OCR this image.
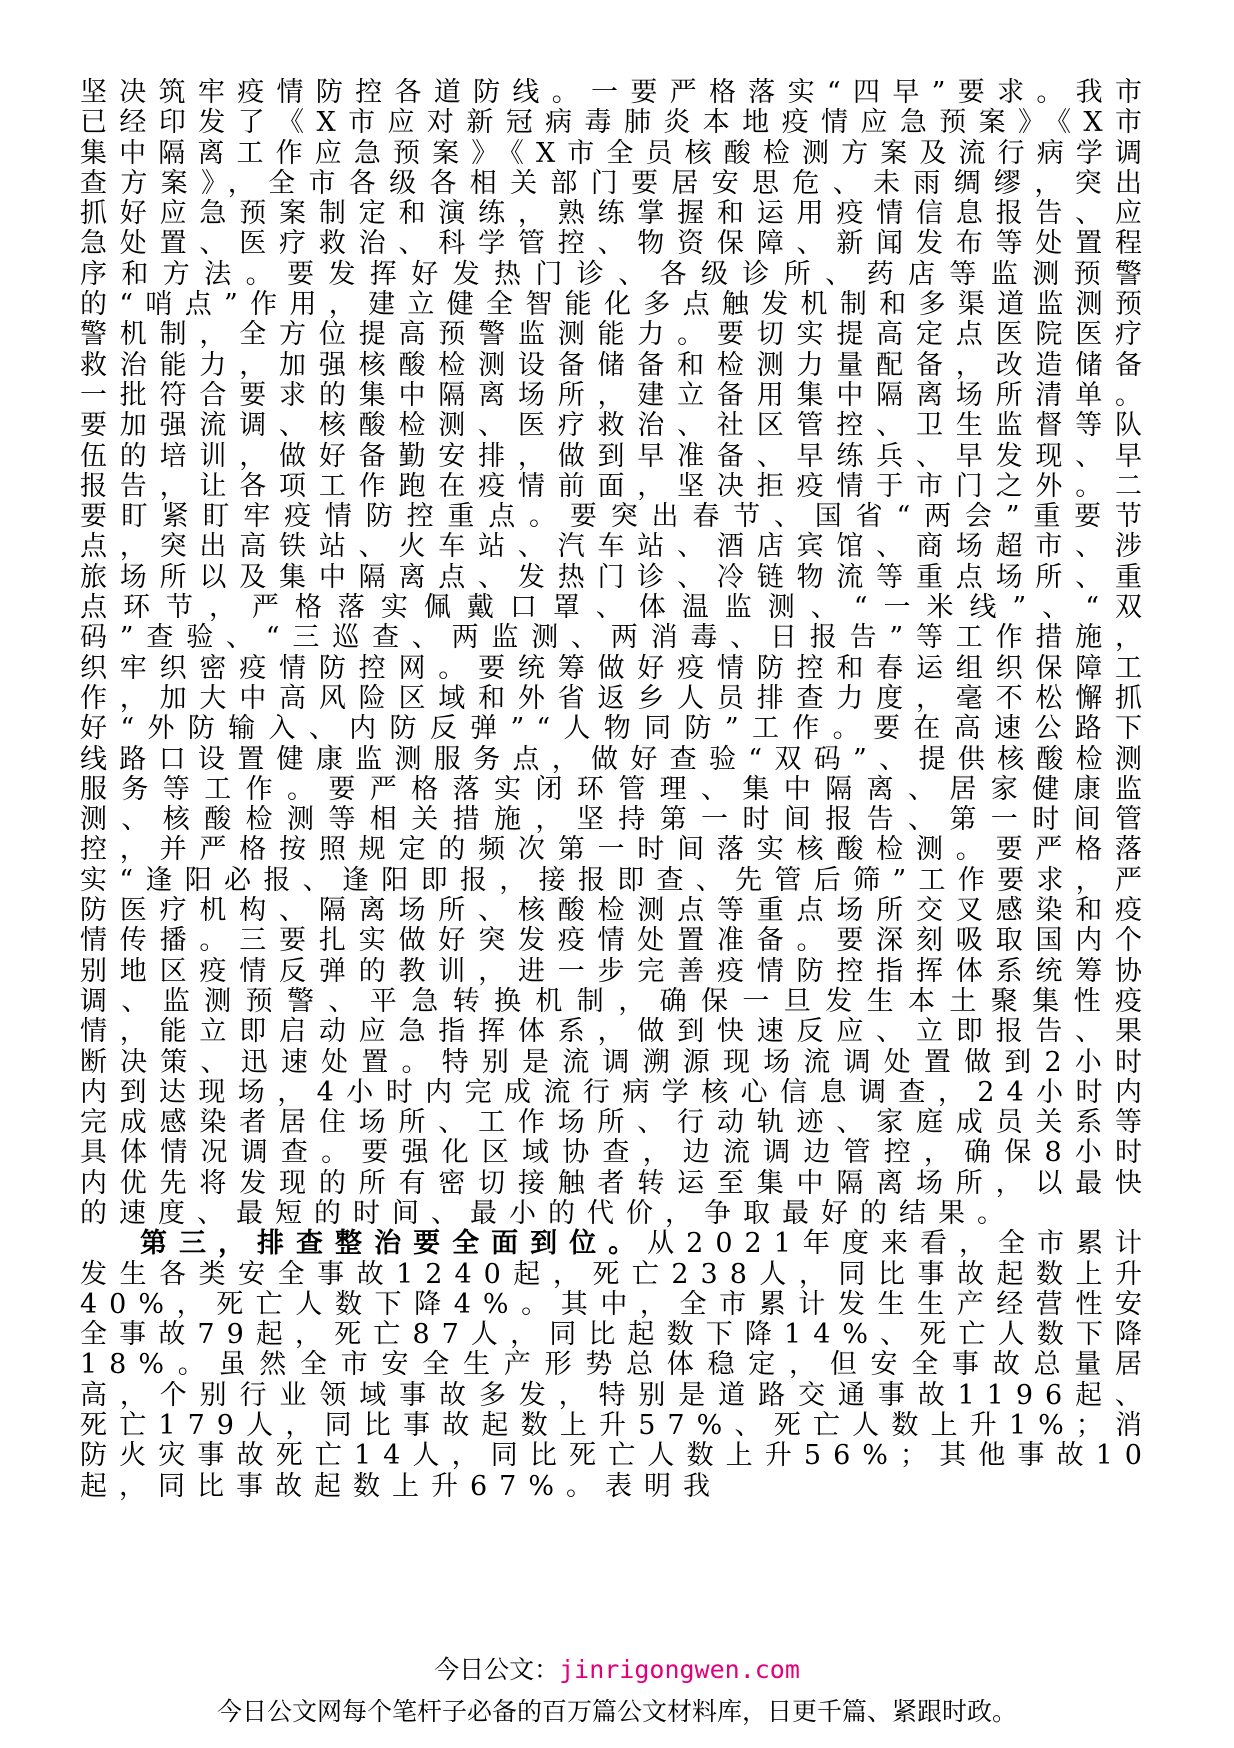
坚决筑牢疫情防控各道防线。一要严格落实“四早”要求。我市已经印发了《X市应对新冠病毒肺炎本地疫情应急预案》《X市集中隔离工作应急预案》《X市全员核酸检测方案及流行病学调查方案》，全市各级各相关部门要居安思危、未雨绸缪，突出抓好应急预案制定和演练，熟练掌握和运用疫情信息报告、应急处置、医疗救治、科学管控、物资保障、新闻发布等处置程序和方法。要发挥好发热门诊、各级诊所、药店等监测预警的“哨点”作用，建立健全智能化多点触发机制和多渠道监测预警机制，全方位提高预警监测能力。要切实提高定点医院医疗救治能力，加强核酸检测设备储备和检测力量配备，改造储备一批符合要求的集中隔离场所，建立备用集中隔离场所清单。要加强流调、核酸检测、医疗救治、社区管控、卫生监督等队伍的培训，做好备勤安排，做到早准备、早练兵、早发现、早报告，让各项工作跑在疫情前面，坚决拒疫情于市门之外。二要盯紧盯牢疫情防控重点。要突出春节、国省“两会”重要节点，突出高铁站、火车站、汽车站、酒店宾馆、商场超市、涉旅场所以及集中隔离点、发热门诊、冷链物流等重点场所、重点环节，严格落实佩戴口罩、体温监测、“一米线”、“双码”查验、“三巡查、两监测、两消毒、日报告”等工作措施，织牢织密疫情防控网。要统筹做好疫情防控和春运组织保障工作，加大中高风险区域和外省返乡人员排查力度，毫不松懈抓好“外防输入、内防反弹”“人物同防”工作。要在高速公路下线路口设置健康监测服务点，做好查验“双码”、提供核酸检测服务等工作。要严格落实闭环管理、集中隔离、居家健康监测、核酸检测等相关措施，坚持第一时间报告、第一时间管控，并严格按照规定的频次第一时间落实核酸检测。要严格落实“逢阳必报、逢阳即报，接报即查、先管后筛”工作要求，严防医疗机构、隔离场所、核酸检测点等重点场所交叉感染和疫情传播。三要扎实做好突发疫情处置准备。要深刻吸取国内个别地区疫情反弹的教训，进一步完善疫情防控指挥体系统筹协调、监测预警、平急转换机制，确保一旦发生本土聚集性疫情，能立即启动应急指挥体系，做到快速反应、立即报告、果断决策、迅速处置。特别是流调溯源现场流调处置做到2小时内到达现场，4小时内完成流行病学核心信息调查，24小时内完成感染者居住场所、工作场所、行动轨迹、家庭成员关系等具体情况调查。要强化区域协查，边流调边管控，确保8小时内优先将发现的所有密切接触者转运至集中隔离场所，以最快的速度、最短的时间、最小的代价，争取最好的结果。

第三，排查整治要全面到位。从2021年度来看，全市累计发生各类安全事故1240起，死亡238人，同比事故起数上升40%，死亡人数下降4%。其中，全市累计发生生产经营性安全事故79起，死亡87人，同比起数下降14%、死亡人数下降18%。虽然全市安全生产形势总体稳定，但安全事故总量居高，个别行业领域事故多发，特别是道路交通事故1196起、死亡179人，同比事故起数上升57%、死亡人数上升1%；消防火灾事故死亡14人，同比死亡人数上升56%；其他事故10起，同比事故起数上升67%。表明我

今日公文：jinrigongwen.com
今日公文网每个笔杆子必备的百万篇公文材料库，日更千篇、紧跟时政。
